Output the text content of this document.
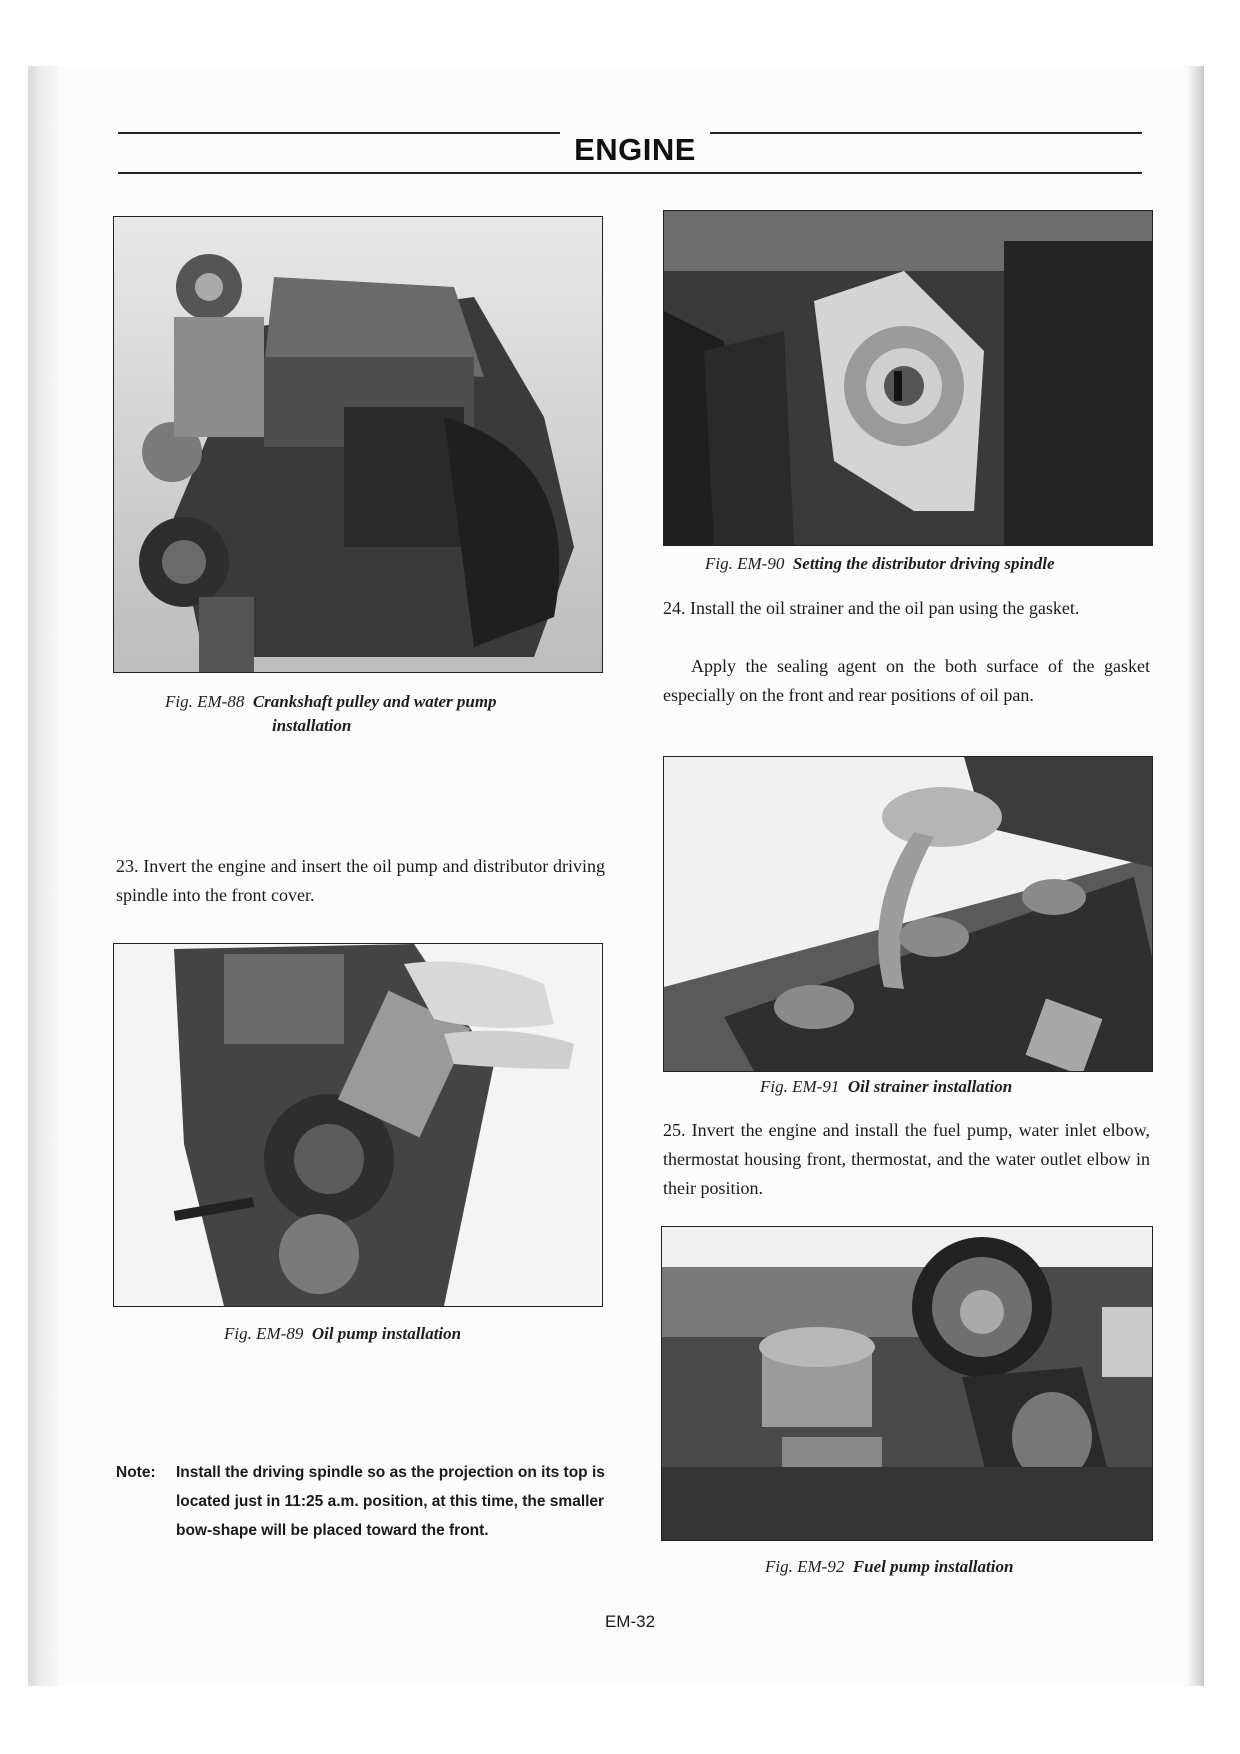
ENGINE
Fig. EM-88 Crankshaft pulley and water pump
installation
23. Invert the engine and insert the oil pump and distributor driving spindle into the front cover.
Fig. EM-89 Oil pump installation
Note: Install the driving spindle so as the projection on its top is located just in 11:25 a.m. position, at this time, the smaller bow-shape will be placed toward the front.
Fig. EM-90 Setting the distributor driving spindle
24. Install the oil strainer and the oil pan using the gasket.
Apply the sealing agent on the both surface of the gasket especially on the front and rear positions of oil pan.
Fig. EM-91 Oil strainer installation
25. Invert the engine and install the fuel pump, water inlet elbow, thermostat housing front, thermostat, and the water outlet elbow in their position.
Fig. EM-92 Fuel pump installation
EM-32
